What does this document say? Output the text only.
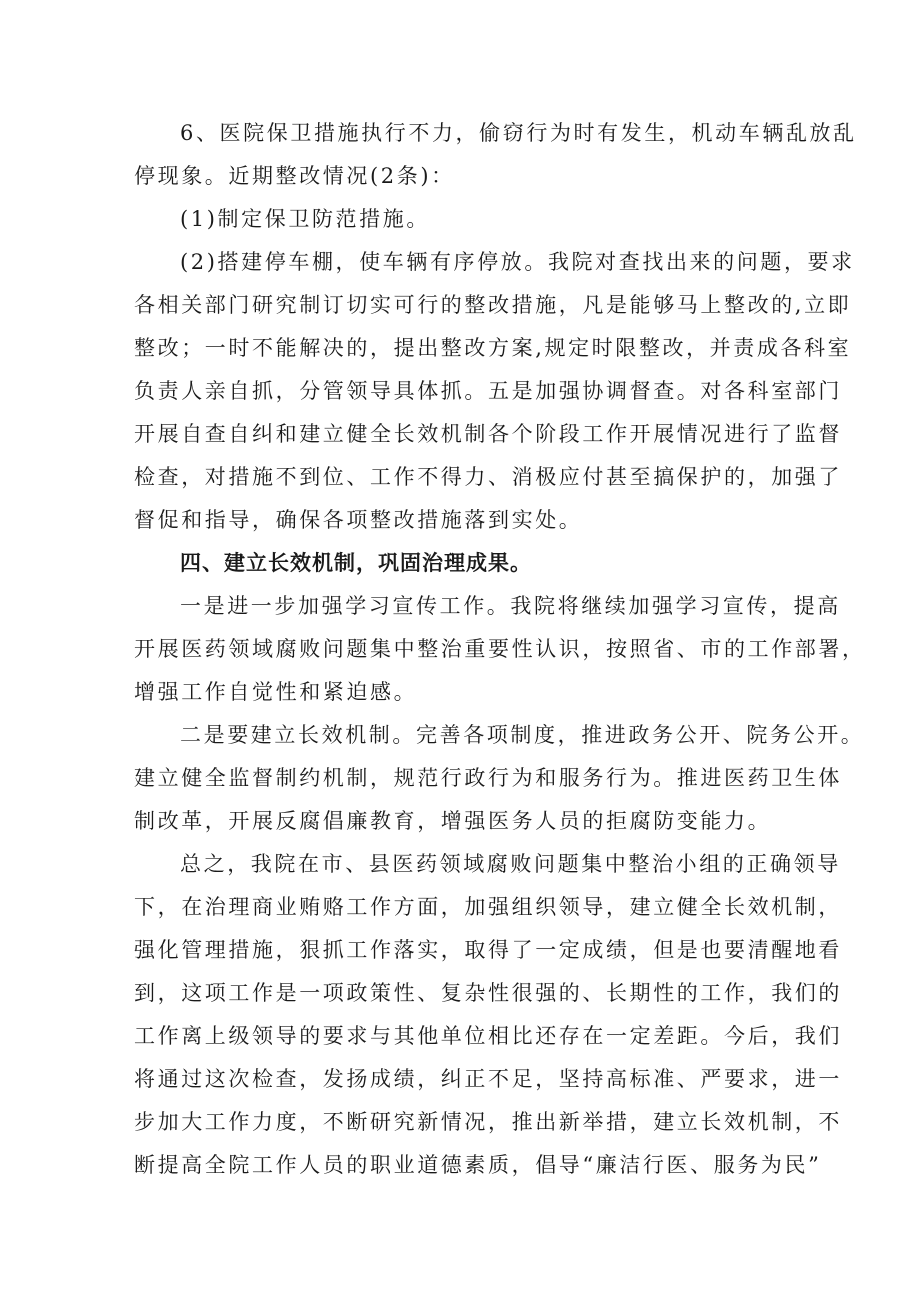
6、医院保卫措施执行不力，偷窃行为时有发生，机动车辆乱放乱
停现象。近期整改情况(2条)：
(1)制定保卫防范措施。
(2)搭建停车棚，使车辆有序停放。我院对查找出来的问题，要求
各相关部门研究制订切实可行的整改措施，凡是能够马上整改的,立即
整改；一时不能解决的，提出整改方案,规定时限整改，并责成各科室
负责人亲自抓，分管领导具体抓。五是加强协调督查。对各科室部门
开展自查自纠和建立健全长效机制各个阶段工作开展情况进行了监督
检查，对措施不到位、工作不得力、消极应付甚至搞保护的，加强了
督促和指导，确保各项整改措施落到实处。
四、建立长效机制，巩固治理成果。
一是进一步加强学习宣传工作。我院将继续加强学习宣传，提高
开展医药领域腐败问题集中整治重要性认识，按照省、市的工作部署，
增强工作自觉性和紧迫感。
二是要建立长效机制。完善各项制度，推进政务公开、院务公开。
建立健全监督制约机制，规范行政行为和服务行为。推进医药卫生体
制改革，开展反腐倡廉教育，增强医务人员的拒腐防变能力。
总之，我院在市、县医药领域腐败问题集中整治小组的正确领导
下，在治理商业贿赂工作方面，加强组织领导，建立健全长效机制，
强化管理措施，狠抓工作落实，取得了一定成绩，但是也要清醒地看
到，这项工作是一项政策性、复杂性很强的、长期性的工作，我们的
工作离上级领导的要求与其他单位相比还存在一定差距。今后，我们
将通过这次检查，发扬成绩，纠正不足，坚持高标准、严要求，进一
步加大工作力度，不断研究新情况，推出新举措，建立长效机制，不
断提高全院工作人员的职业道德素质，倡导“廉洁行医、服务为民”
